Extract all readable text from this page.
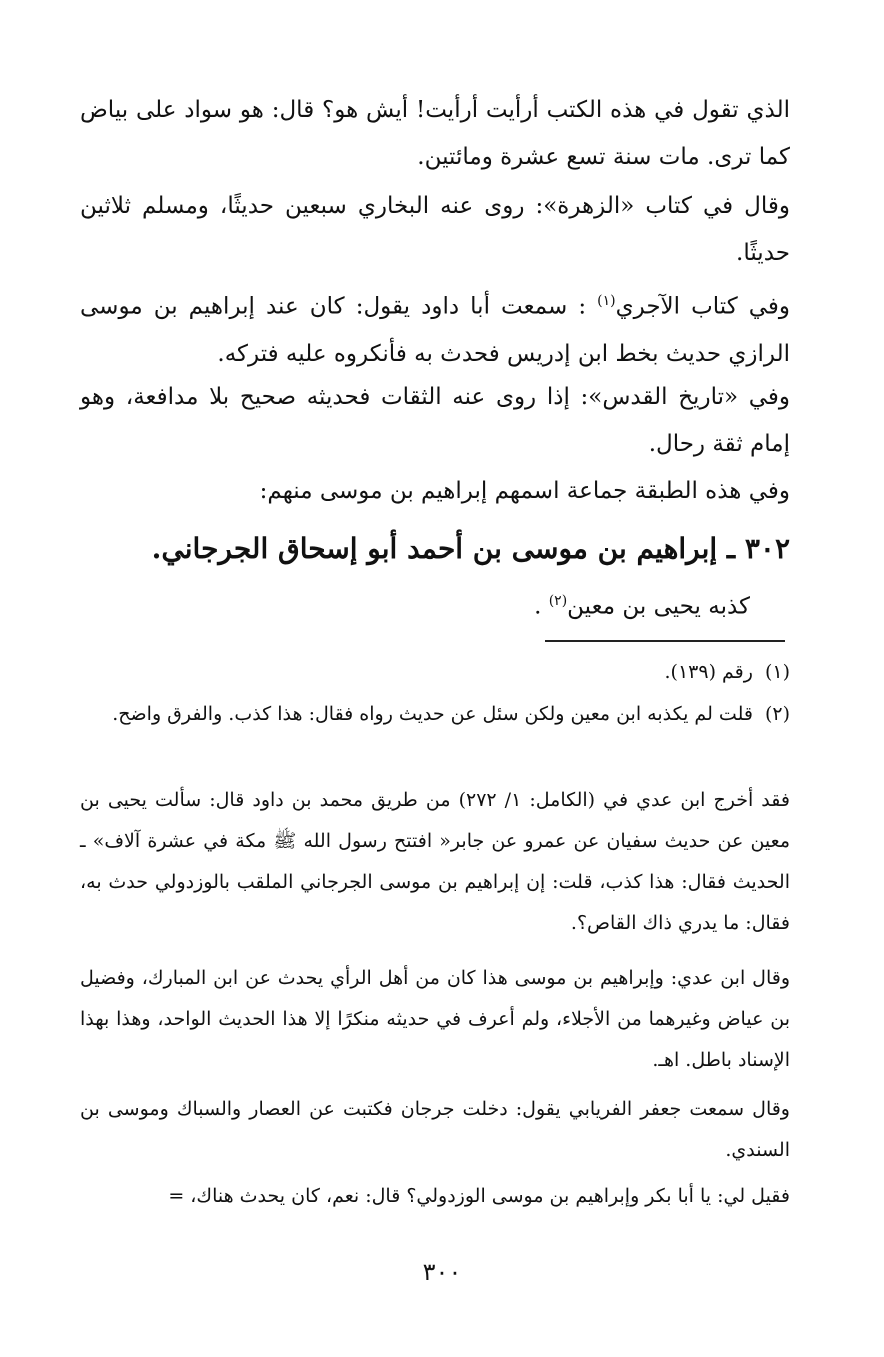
الذي تقول في هذه الكتب أرأيت أرأيت! أيش هو؟ قال: هو سواد على بياض كما ترى. مات سنة تسع عشرة ومائتين.

وقال في كتاب «الزهرة»: روى عنه البخاري سبعين حديثًا، ومسلم ثلاثين حديثًا.

وفي كتاب الآجري$^{(١)}$ : سمعت أبا داود يقول: كان عند إبراهيم بن موسى الرازي حديث بخط ابن إدريس فحدث به فأنكروه عليه فتركه.

وفي «تاريخ القدس»: إذا روى عنه الثقات فحديثه صحيح بلا مدافعة، وهو إمام ثقة رحال.

وفي هذه الطبقة جماعة اسمهم إبراهيم بن موسى منهم:

٣٠٢ ـ إبراهيم بن موسى بن أحمد أبو إسحاق الجرجاني.

كذبه يحيى بن معين$^{(٢)}$ .

(١)رقم (١٣٩).

(٢)قلت لم يكذبه ابن معين ولكن سئل عن حديث رواه فقال: هذا كذب. والفرق واضح.

فقد أخرج ابن عدي في (الكامل: ١/ ٢٧٢) من طريق محمد بن داود قال: سألت يحيى بن معين عن حديث سفيان عن عمرو عن جابر« افتتح رسول الله ﷺ مكة في عشرة آلاف» ـ الحديث فقال: هذا كذب، قلت: إن إبراهيم بن موسى الجرجاني الملقب بالوزدولي حدث به، فقال: ما يدري ذاك القاص؟.

وقال ابن عدي: وإبراهيم بن موسى هذا كان من أهل الرأي يحدث عن ابن المبارك، وفضيل بن عياض وغيرهما من الأجلاء، ولم أعرف في حديثه منكرًا إلا هذا الحديث الواحد، وهذا بهذا الإسناد باطل. اهـ.

وقال سمعت جعفر الفريابي يقول: دخلت جرجان فكتبت عن العصار والسباك وموسى بن السندي.

فقيل لي: يا أبا بكر وإبراهيم بن موسى الوزدولي؟ قال: نعم، كان يحدث هناك، =

٣٠٠
